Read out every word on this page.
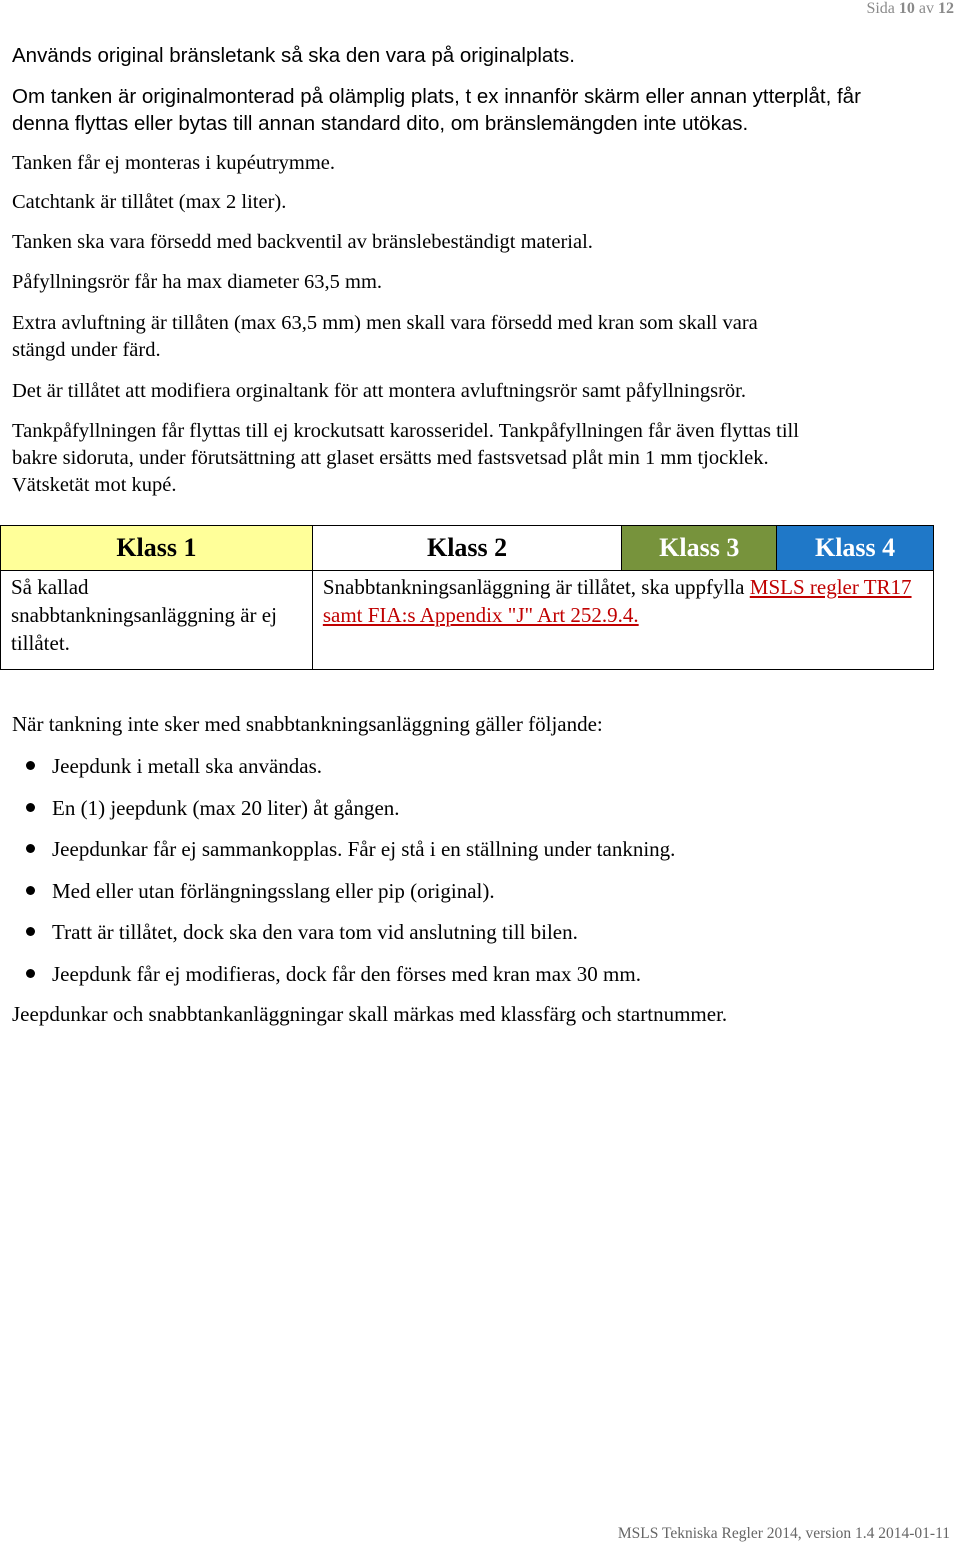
Sida 10 av 12
Används original bränsletank så ska den vara på originalplats.
Om tanken är originalmonterad på olämplig plats, t ex innanför skärm eller annan ytterplåt, får
denna flyttas eller bytas till annan standard dito, om bränslemängden inte utökas.
Tanken får ej monteras i kupéutrymme.
Catchtank är tillåtet (max 2 liter).
Tanken ska vara försedd med backventil av bränslebeständigt material.
Påfyllningsrör får ha max diameter 63,5 mm.
Extra avluftning är tillåten (max 63,5 mm) men skall vara försedd med kran som skall vara
stängd under färd.
Det är tillåtet att modifiera orginaltank för att montera avluftningsrör samt påfyllningsrör.
Tankpåfyllningen får flyttas till ej krockutsatt karosseridel. Tankpåfyllningen får även flyttas till
bakre sidoruta, under förutsättning att glaset ersätts med fastsvetsad plåt min 1 mm tjocklek.
Vätsketät mot kupé.
Klass 1	Klass 2	Klass 3	Klass 4
Så kallad snabbtankningsanläggning är ej tillåtet.	Snabbtankningsanläggning är tillåtet, ska uppfylla MSLS regler TR17 samt FIA:s Appendix "J" Art 252.9.4.		
När tankning inte sker med snabbtankningsanläggning gäller följande:
Jeepdunk i metall ska användas.
En (1) jeepdunk (max 20 liter) åt gången.
Jeepdunkar får ej sammankopplas. Får ej stå i en ställning under tankning.
Med eller utan förlängningsslang eller pip (original).
Tratt är tillåtet, dock ska den vara tom vid anslutning till bilen.
Jeepdunk får ej modifieras, dock får den förses med kran max 30 mm.
Jeepdunkar och snabbtankanläggningar skall märkas med klassfärg och startnummer.
MSLS Tekniska Regler 2014, version 1.4 2014-01-11
